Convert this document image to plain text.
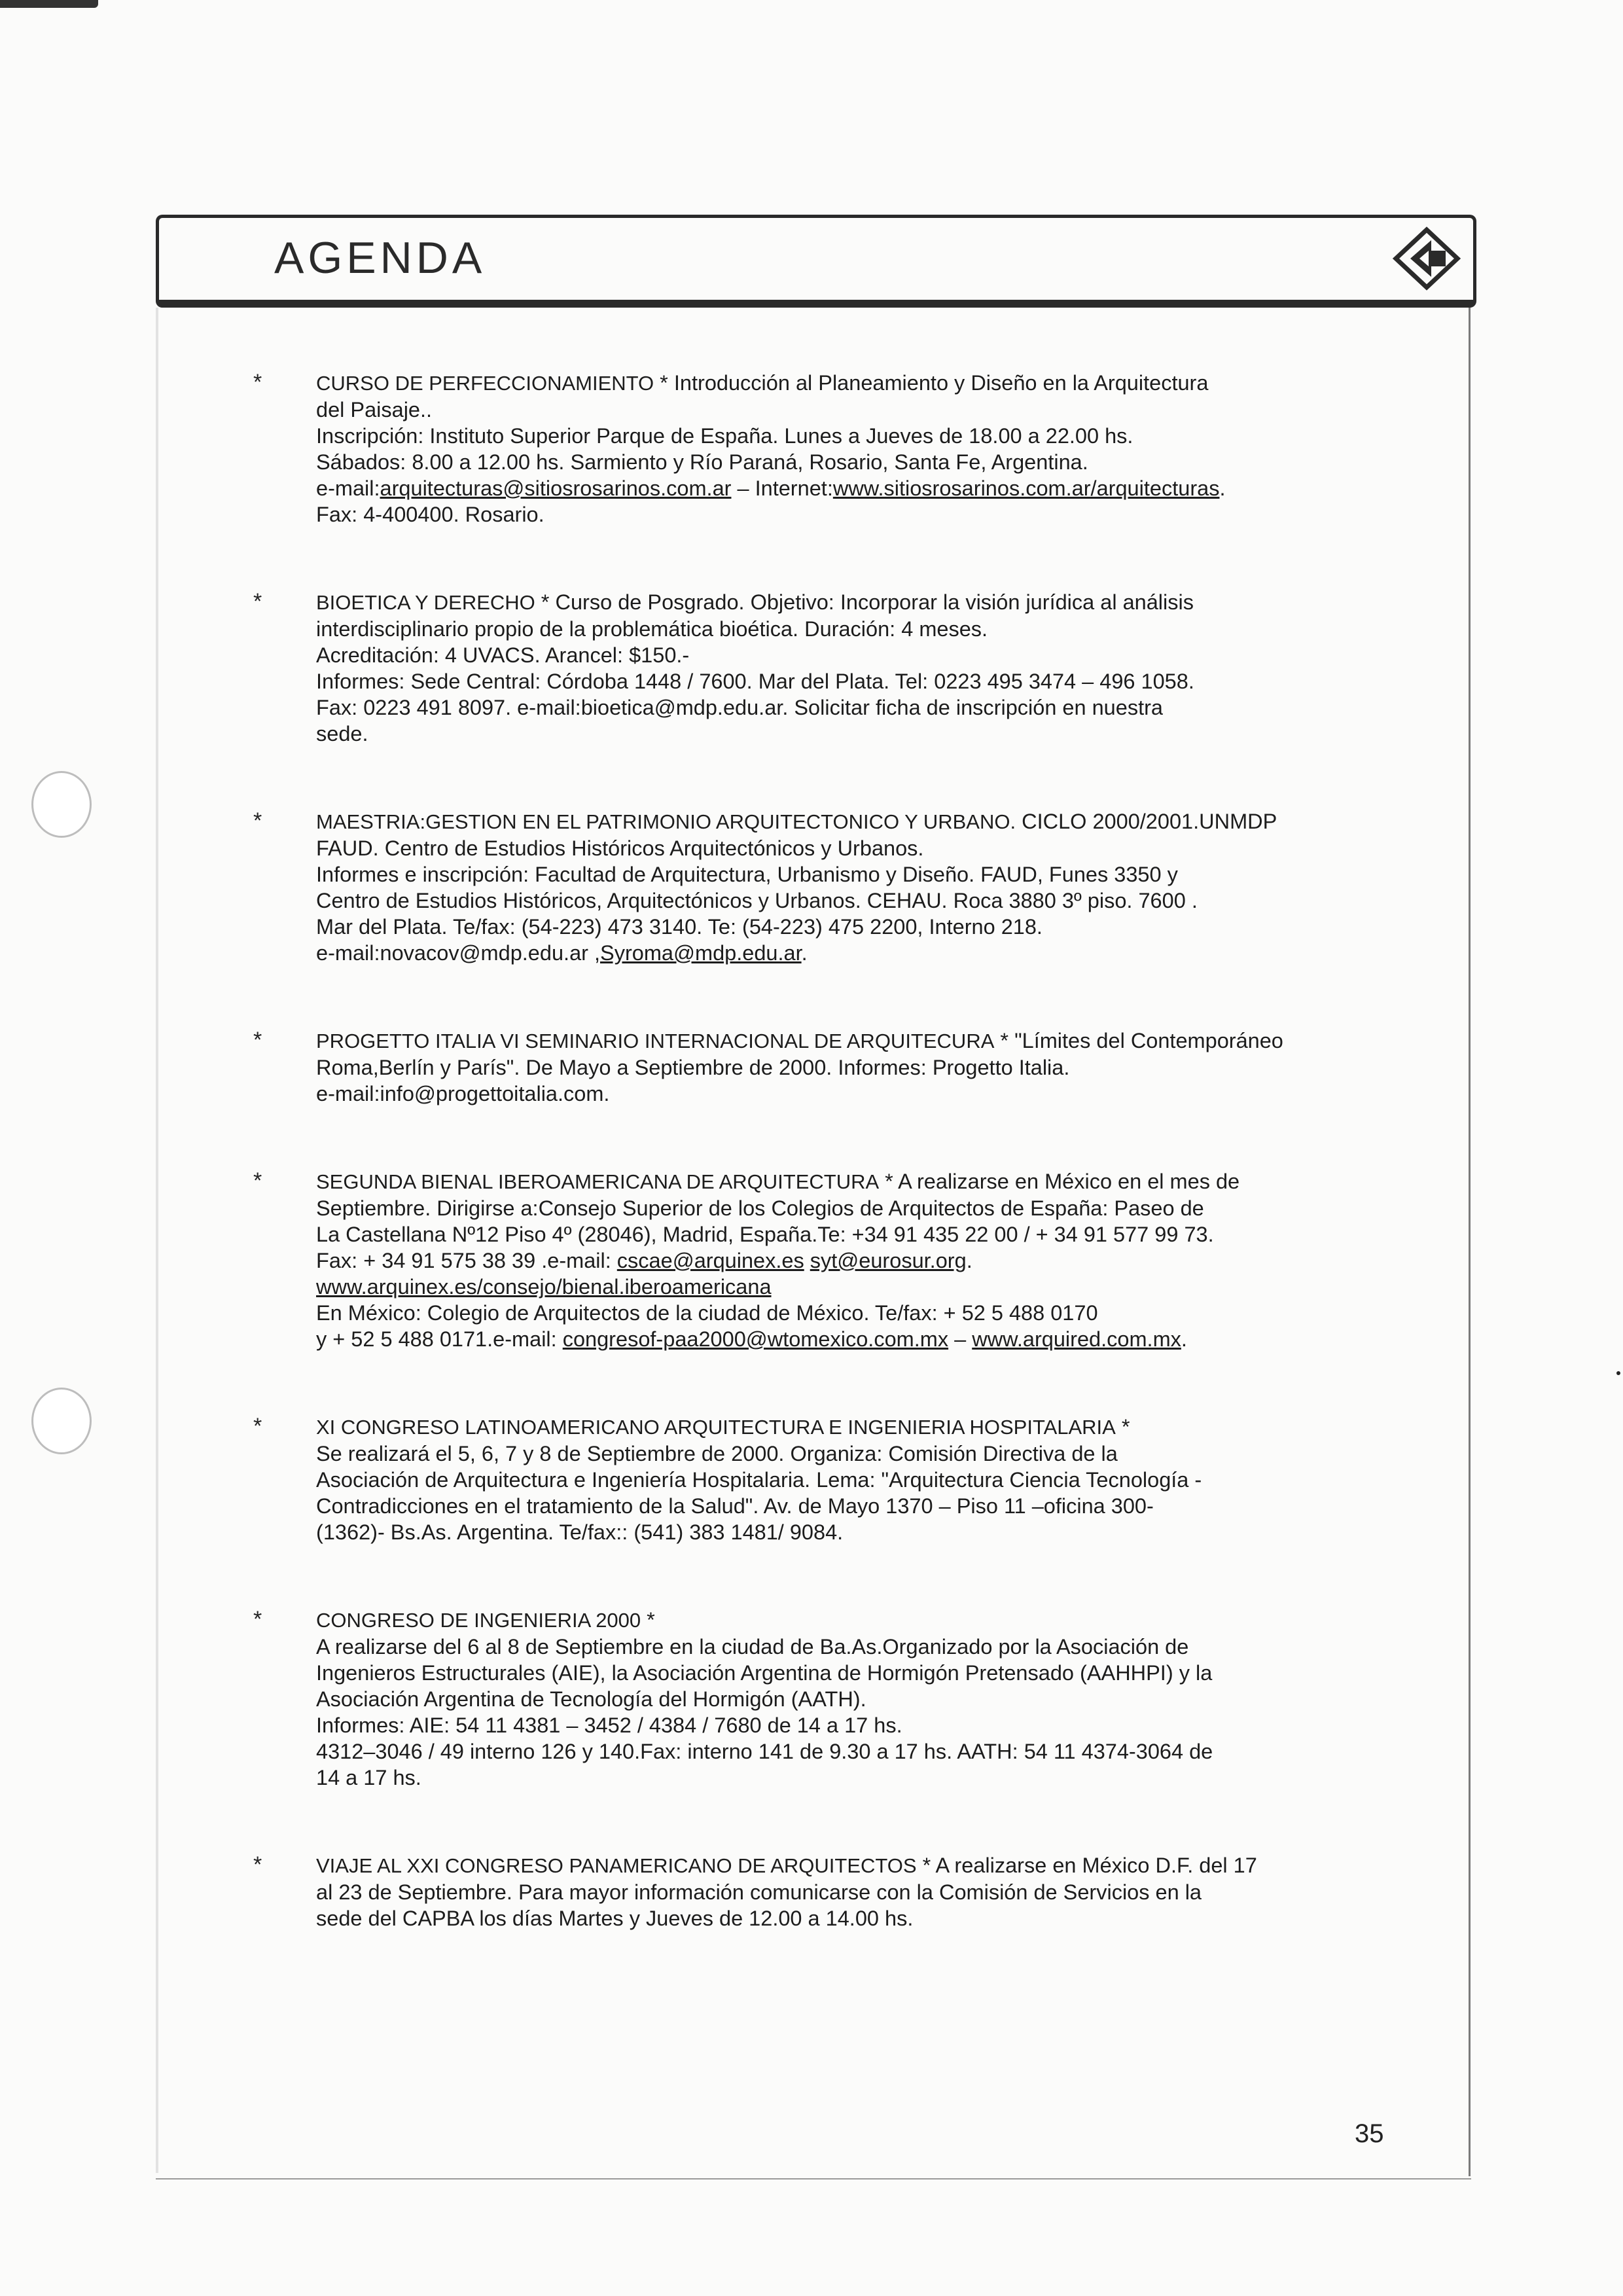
AGENDA
*	CURSO DE PERFECCIONAMIENTO * Introducción al Planeamiento y Diseño en la Arquitectura

del Paisaje..

Inscripción: Instituto Superior Parque de España. Lunes a Jueves de 18.00 a 22.00 hs.

Sábados: 8.00 a 12.00 hs. Sarmiento y Río Paraná, Rosario, Santa Fe, Argentina.

e-mail:arquitecturas@sitiosrosarinos.com.ar – Internet:www.sitiosrosarinos.com.ar/arquitecturas.

Fax: 4-400400. Rosario.

*	BIOETICA Y DERECHO * Curso de Posgrado. Objetivo: Incorporar la visión jurídica al análisis

interdisciplinario propio de la problemática bioética. Duración: 4 meses.

Acreditación: 4 UVACS. Arancel: $150.-

Informes: Sede Central: Córdoba 1448 / 7600. Mar del Plata. Tel: 0223 495 3474 – 496 1058.

Fax: 0223 491 8097. e-mail:bioetica@mdp.edu.ar. Solicitar ficha de inscripción en nuestra

sede.

*	MAESTRIA:GESTION EN EL PATRIMONIO ARQUITECTONICO Y URBANO. CICLO 2000/2001.UNMDP

FAUD. Centro de Estudios Históricos Arquitectónicos y Urbanos.

Informes e inscripción: Facultad de Arquitectura, Urbanismo y Diseño. FAUD, Funes 3350 y

Centro de Estudios Históricos, Arquitectónicos y Urbanos. CEHAU. Roca 3880 3º piso. 7600 .

Mar del Plata. Te/fax: (54-223) 473 3140. Te: (54-223) 475 2200, Interno 218.

e-mail:novacov@mdp.edu.ar ,Syroma@mdp.edu.ar.

*	PROGETTO ITALIA VI SEMINARIO INTERNACIONAL DE ARQUITECURA * "Límites del Contemporáneo

Roma,Berlín y París". De Mayo a Septiembre de 2000. Informes: Progetto Italia.

e-mail:info@progettoitalia.com.

*	SEGUNDA BIENAL IBEROAMERICANA DE ARQUITECTURA * A realizarse en México en el mes de

Septiembre. Dirigirse a:Consejo Superior de los Colegios de Arquitectos de España: Paseo de

La Castellana Nº12 Piso 4º (28046), Madrid, España.Te: +34 91 435 22 00 / + 34 91 577 99 73.

Fax: + 34 91 575 38 39 .e-mail: cscae@arquinex.es syt@eurosur.org.

www.arquinex.es/consejo/bienal.iberoamericana

En México: Colegio de Arquitectos de la ciudad de México. Te/fax: + 52 5 488 0170

y + 52 5 488 0171.e-mail: congresof-paa2000@wtomexico.com.mx – www.arquired.com.mx.

*	XI CONGRESO LATINOAMERICANO ARQUITECTURA E INGENIERIA HOSPITALARIA *

Se realizará el 5, 6, 7 y 8 de Septiembre de 2000. Organiza: Comisión Directiva de la

Asociación de Arquitectura e Ingeniería Hospitalaria. Lema: "Arquitectura Ciencia Tecnología -

Contradicciones en el tratamiento de la Salud". Av. de Mayo 1370 – Piso 11 –oficina 300-

(1362)- Bs.As. Argentina. Te/fax:: (541) 383 1481/ 9084.

*	CONGRESO DE INGENIERIA 2000 *

A realizarse del 6 al 8 de Septiembre en la ciudad de Ba.As.Organizado por la Asociación de

Ingenieros Estructurales (AIE), la Asociación Argentina de Hormigón Pretensado (AAHHPI) y la

Asociación Argentina de Tecnología del Hormigón (AATH).

Informes: AIE: 54 11 4381 – 3452 / 4384 / 7680 de 14 a 17 hs.

4312–3046 / 49 interno 126 y 140.Fax: interno 141 de 9.30 a 17 hs. AATH: 54 11 4374-3064 de

14 a 17 hs.

*	VIAJE AL XXI CONGRESO PANAMERICANO DE ARQUITECTOS * A realizarse en México D.F. del 17

al 23 de Septiembre. Para mayor información comunicarse con la Comisión de Servicios en la

sede del CAPBA los días Martes y Jueves de 12.00 a 14.00 hs.

35
